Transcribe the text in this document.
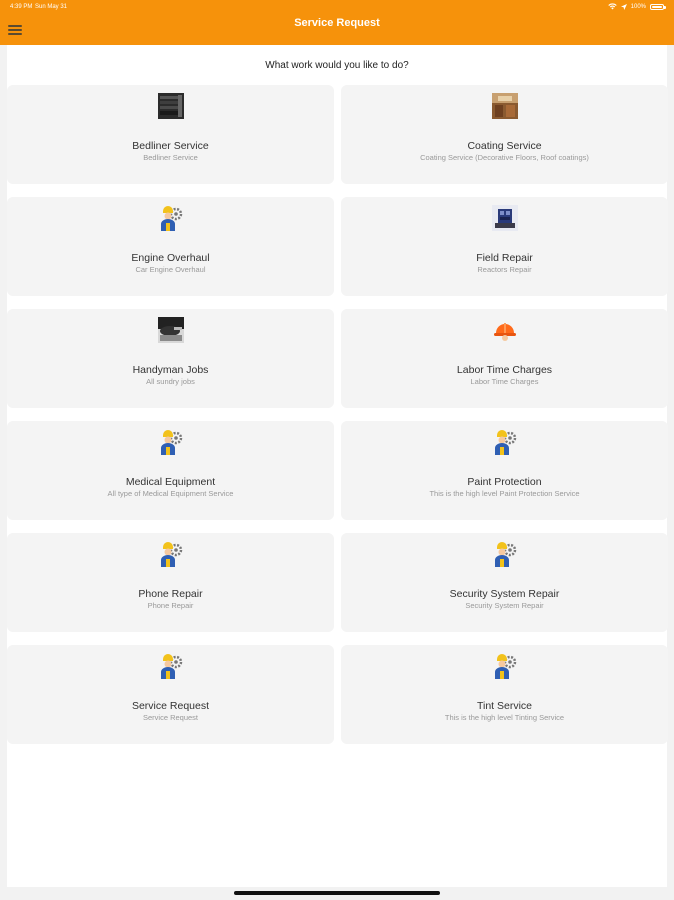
4:39 PM Sun May 31	100%
Service Request
What work would you like to do?
Bedliner Service
Bedliner Service
Coating Service
Coating Service (Decorative Floors, Roof coatings)
Engine Overhaul
Car Engine Overhaul
Field Repair
Reactors Repair
Handyman Jobs
All sundry jobs
Labor Time Charges
Labor Time Charges
Medical Equipment
All type of Medical Equipment Service
Paint Protection
This is the high level Paint Protection Service
Phone Repair
Phone Repair
Security System Repair
Security System Repair
Service Request
Service Request
Tint Service
This is the high level Tinting Service
